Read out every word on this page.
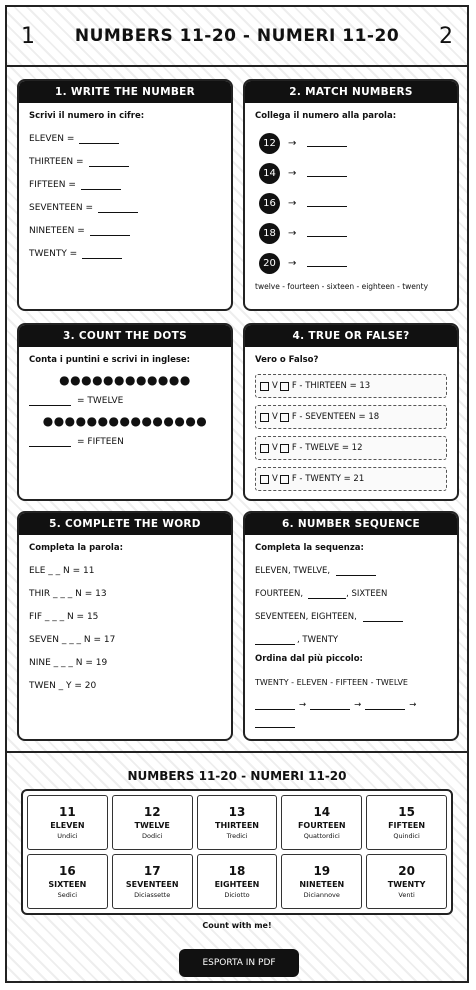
1 NUMBERS 11-20 - NUMERI 11-20 2
1. WRITE THE NUMBER
Scrivi il numero in cifre:
ELEVEN =
THIRTEEN =
FIFTEEN =
SEVENTEEN =
NINETEEN =
TWENTY =
2. MATCH NUMBERS
Collega il numero alla parola:
12	→
14	→
16	→
18	→
20	→
twelve - fourteen - sixteen - eighteen - twenty
3. COUNT THE DOTS
Conta i puntini e scrivi in inglese:
●●●●●●●●●●●●
= TWELVE
●●●●●●●●●●●●●●●
= FIFTEEN
4. TRUE OR FALSE?
Vero o Falso?
V F
- THIRTEEN = 13
V F
- SEVENTEEN = 18
V F
- TWELVE = 12
V F
- TWENTY = 21
5. COMPLETE THE WORD
Completa la parola:
ELE _ _ N = 11
THIR _ _ _ N = 13
FIF _ _ _ N = 15
SEVEN _ _ _ N = 17
NINE _ _ _ N = 19
TWEN _ Y = 20
6. NUMBER SEQUENCE
Completa la sequenza:
ELEVEN, TWELVE,
FOURTEEN,	, SIXTEEN
SEVENTEEN, EIGHTEEN,
, TWENTY
Ordina dal più piccolo:
TWENTY - ELEVEN - FIFTEEN - TWELVE
→	→	→
NUMBERS 11-20 - NUMERI 11-20
11
ELEVEN
Undici
12
TWELVE
Dodici
13
THIRTEEN
Tredici
14
FOURTEEN
Quattordici
15
FIFTEEN
Quindici
16
SIXTEEN
Sedici
17
SEVENTEEN
Diciassette
18
EIGHTEEN
Diciotto
19
NINETEEN
Diciannove
20
TWENTY
Venti
Count with me!
ESPORTA IN PDF
